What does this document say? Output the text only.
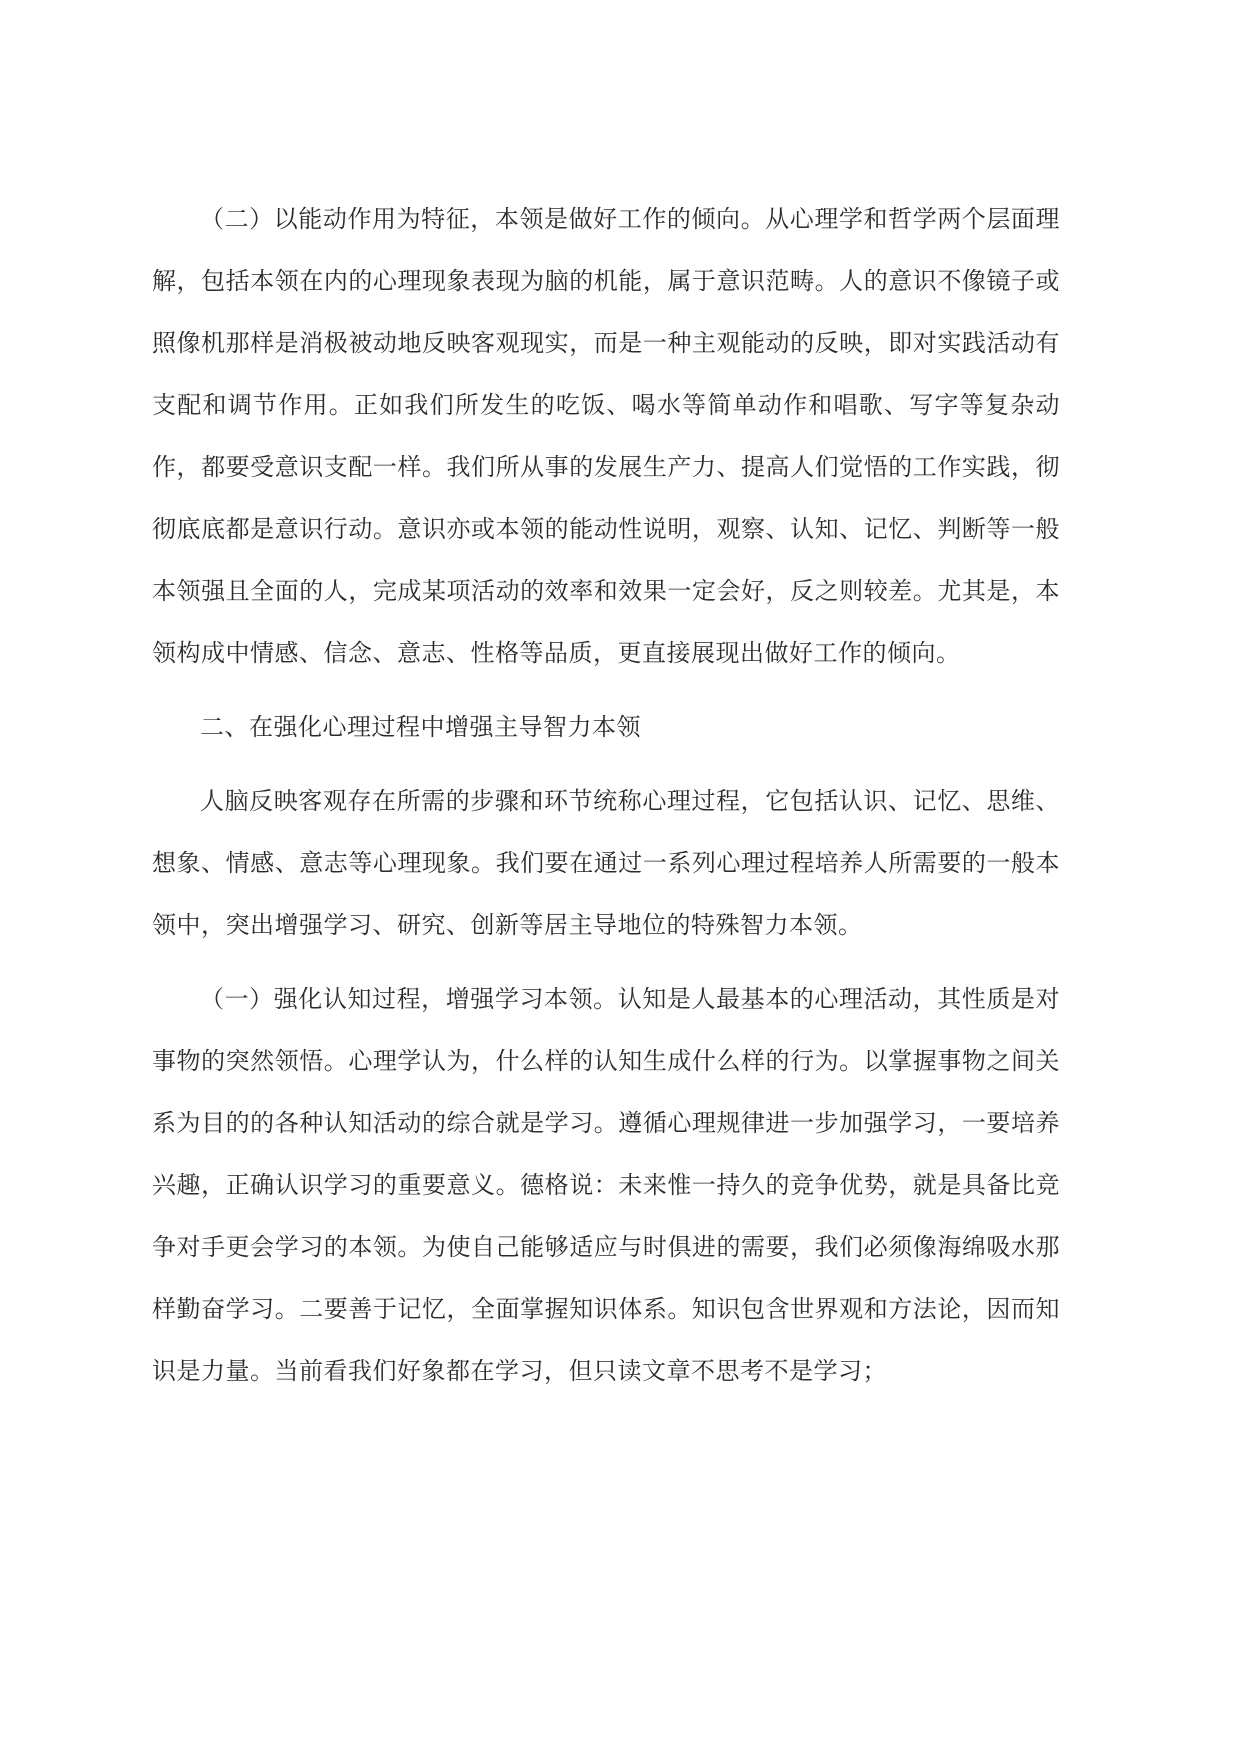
（二）以能动作用为特征，本领是做好工作的倾向。从心理学和哲学两个层面理解，包括本领在内的心理现象表现为脑的机能，属于意识范畴。人的意识不像镜子或照像机那样是消极被动地反映客观现实，而是一种主观能动的反映，即对实践活动有支配和调节作用。正如我们所发生的吃饭、喝水等简单动作和唱歌、写字等复杂动作，都要受意识支配一样。我们所从事的发展生产力、提高人们觉悟的工作实践，彻彻底底都是意识行动。意识亦或本领的能动性说明，观察、认知、记忆、判断等一般本领强且全面的人，完成某项活动的效率和效果一定会好，反之则较差。尤其是，本领构成中情感、信念、意志、性格等品质，更直接展现出做好工作的倾向。

二、在强化心理过程中增强主导智力本领

人脑反映客观存在所需的步骤和环节统称心理过程，它包括认识、记忆、思维、想象、情感、意志等心理现象。我们要在通过一系列心理过程培养人所需要的一般本领中，突出增强学习、研究、创新等居主导地位的特殊智力本领。

（一）强化认知过程，增强学习本领。认知是人最基本的心理活动，其性质是对事物的突然领悟。心理学认为，什么样的认知生成什么样的行为。以掌握事物之间关系为目的的各种认知活动的综合就是学习。遵循心理规律进一步加强学习，一要培养兴趣，正确认识学习的重要意义。德格说：未来惟一持久的竞争优势，就是具备比竞争对手更会学习的本领。为使自己能够适应与时俱进的需要，我们必须像海绵吸水那样勤奋学习。二要善于记忆，全面掌握知识体系。知识包含世界观和方法论，因而知识是力量。当前看我们好象都在学习，但只读文章不思考不是学习；
